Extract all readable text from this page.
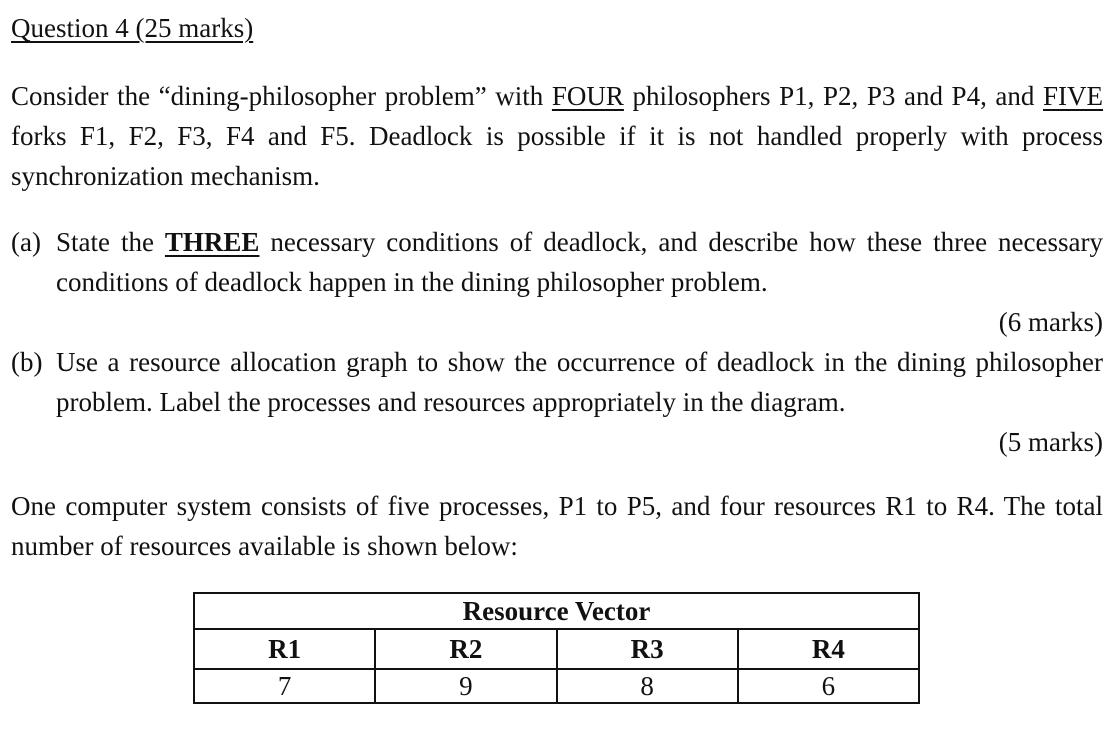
Question 4 (25 marks)
Consider the “dining-philosopher problem” with FOUR philosophers P1, P2, P3 and P4, and FIVE forks F1, F2, F3, F4 and F5. Deadlock is possible if it is not handled properly with process synchronization mechanism.
(a) State the THREE necessary conditions of deadlock, and describe how these three necessary conditions of deadlock happen in the dining philosopher problem.
(6 marks)
(b) Use a resource allocation graph to show the occurrence of deadlock in the dining philosopher problem. Label the processes and resources appropriately in the diagram.
(5 marks)
One computer system consists of five processes, P1 to P5, and four resources R1 to R4. The total number of resources available is shown below:
Resource Vector			
R1	R2	R3	R4
7	9	8	6
